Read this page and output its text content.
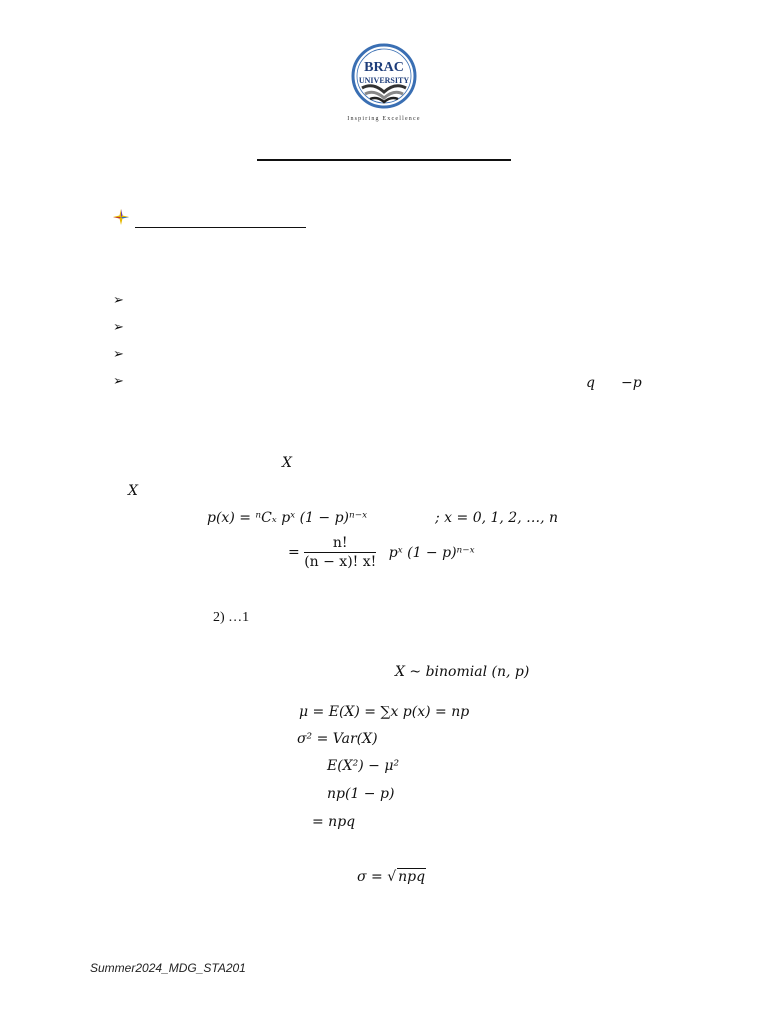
BRAC
UNIVERSITY
Inspiring Excellence
➢
➢
➢
➢	q −p
X
X
p(x) = ⁿCₓ pˣ (1 − p)ⁿ⁻ˣ	; x = 0, 1, 2, …, n
= $\frac{n!}{(n - x)! x!}$ pˣ (1 − p)ⁿ⁻ˣ
2) …1
X ~ binomial (n, p)
μ = E(X) = ∑x p(x) = np
σ² = Var(X)
E(X²) − μ²
np(1 − p)
= npq
σ = √ npq
Summer2024_MDG_STA201
